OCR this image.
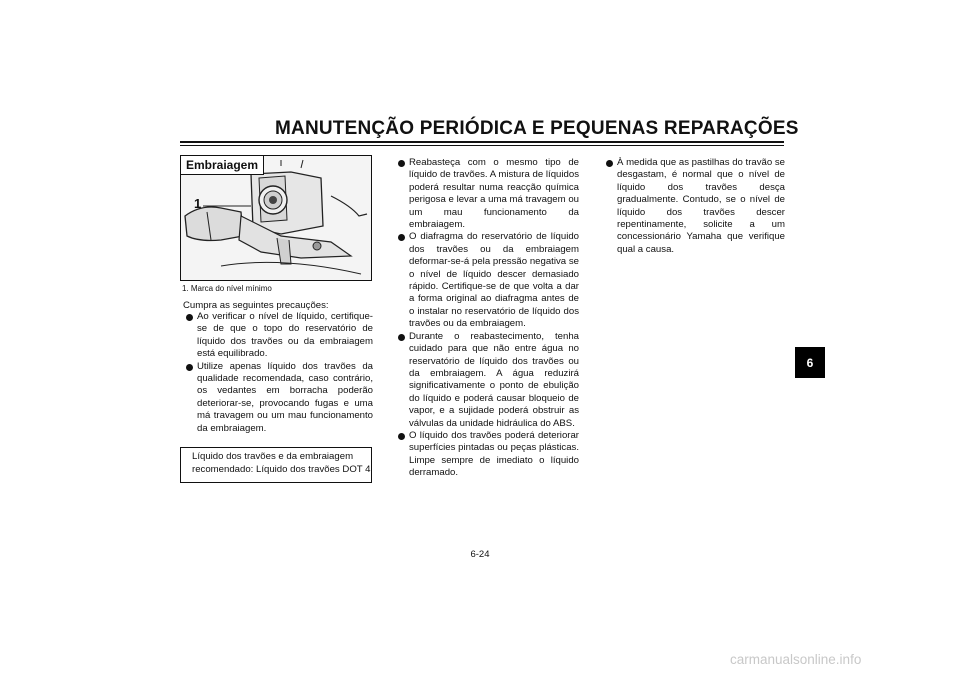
MANUTENÇÃO PERIÓDICA E PEQUENAS REPARAÇÕES
Embraiagem
1
1. Marca do nível mínimo
Cumpra as seguintes precauções:
Ao verificar o nível de líquido, certifique-se de que o topo do reservatório de líquido dos travões ou da embraiagem está equilibrado.
Utilize apenas líquido dos travões da qualidade recomendada, caso contrário, os vedantes em borracha poderão deteriorar-se, provocando fugas e uma má travagem ou um mau funcionamento da embraiagem.
Líquido dos travões e da embraiagem
recomendado: Líquido dos travões DOT 4
Reabasteça com o mesmo tipo de líquido de travões. A mistura de líquidos poderá resultar numa reacção química perigosa e levar a uma má travagem ou um mau funcionamento da embraiagem.
O diafragma do reservatório de líquido dos travões ou da embraiagem deformar-se-á pela pressão negativa se o nível de líquido descer demasiado rápido. Certifique-se de que volta a dar a forma original ao diafragma antes de o instalar no reservatório de líquido dos travões ou da embraiagem.
Durante o reabastecimento, tenha cuidado para que não entre água no reservatório de líquido dos travões ou da embraiagem. A água reduzirá significativamente o ponto de ebulição do líquido e poderá causar bloqueio de vapor, e a sujidade poderá obstruir as válvulas da unidade hidráulica do ABS.
O líquido dos travões poderá deteriorar superfícies pintadas ou peças plásticas. Limpe sempre de imediato o líquido derramado.
À medida que as pastilhas do travão se desgastam, é normal que o nível de líquido dos travões desça gradualmente. Contudo, se o nível de líquido dos travões descer repentinamente, solicite a um concessionário Yamaha que verifique qual a causa.
6
6-24
carmanualsonline.info
